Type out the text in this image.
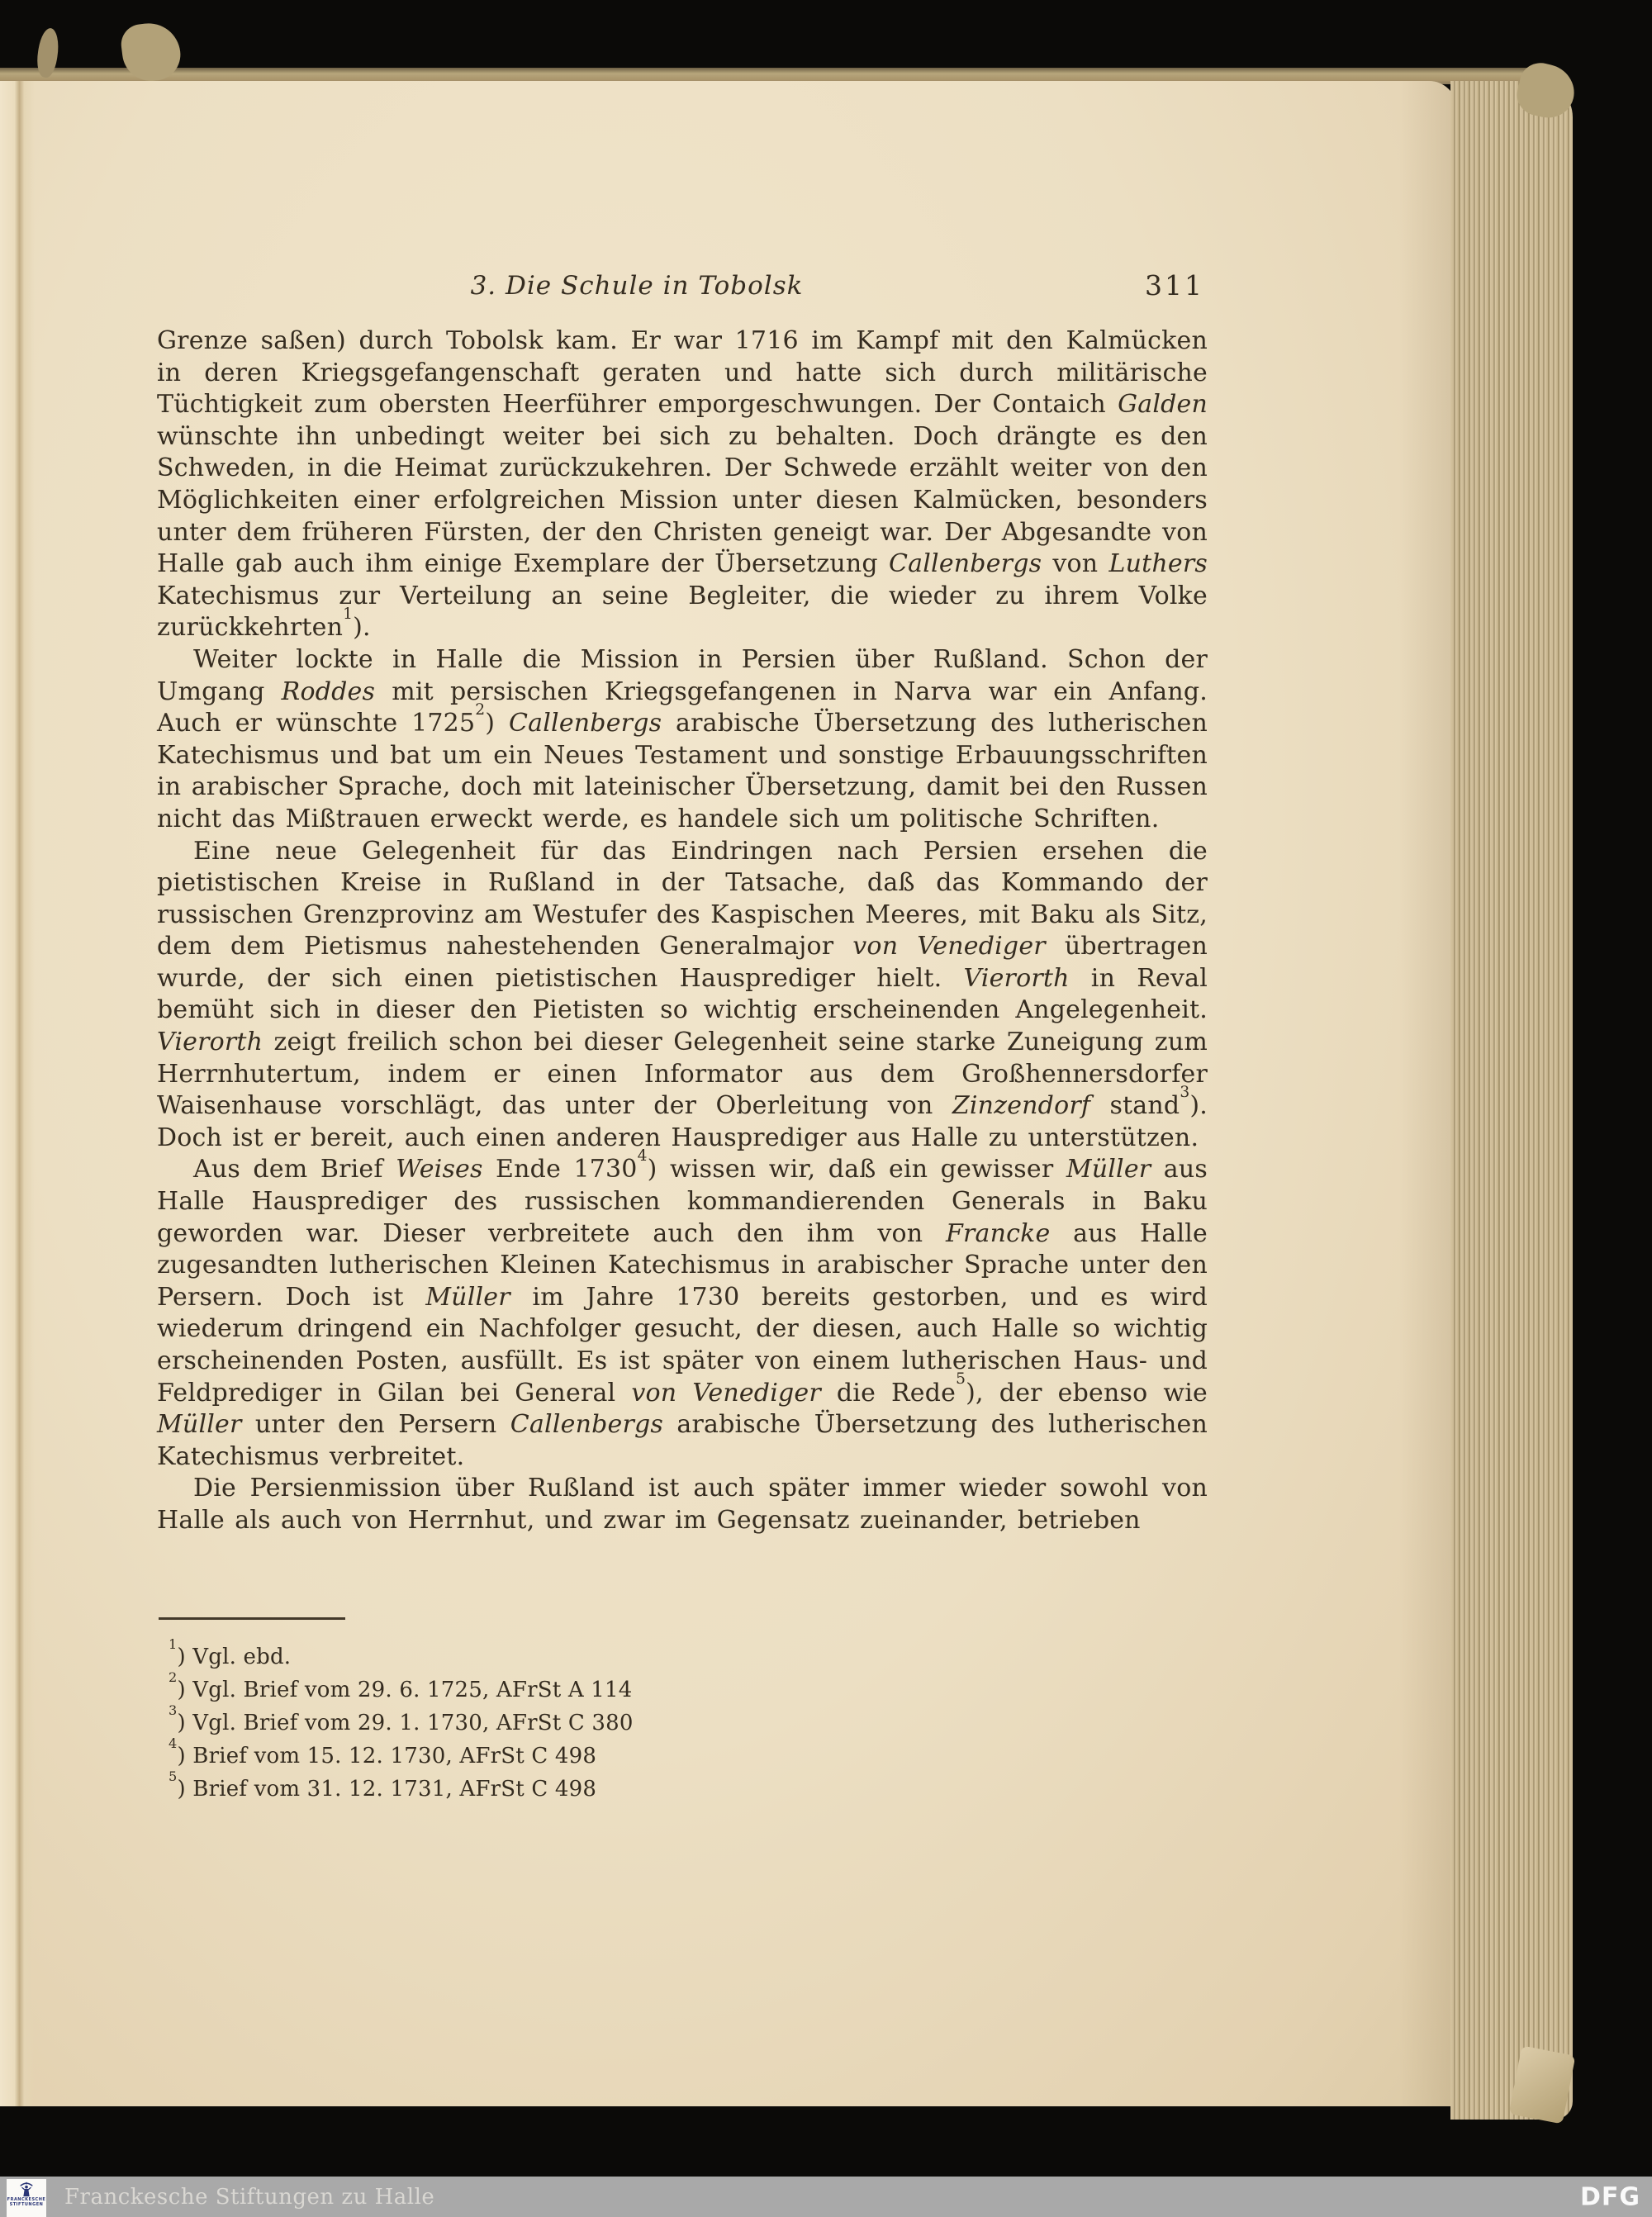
3. Die Schule in Tobolsk	311

Grenze saßen) durch Tobolsk kam. Er war 1716 im Kampf mit den Kalmücken in deren Kriegsgefangenschaft geraten und hatte sich durch militärische Tüchtigkeit zum obersten Heerführer emporgeschwungen. Der Contaich Galden wünschte ihn unbedingt weiter bei sich zu behalten. Doch drängte es den Schweden, in die Heimat zurückzukehren. Der Schwede erzählt weiter von den Möglichkeiten einer erfolgreichen Mission unter diesen Kalmücken, besonders unter dem früheren Fürsten, der den Christen geneigt war. Der Abgesandte von Halle gab auch ihm einige Exemplare der Übersetzung Callenbergs von Luthers Katechismus zur Verteilung an seine Begleiter, die wieder zu ihrem Volke zurückkehrten$^1$).

Weiter lockte in Halle die Mission in Persien über Rußland. Schon der Umgang Roddes mit persischen Kriegsgefangenen in Narva war ein Anfang. Auch er wünschte 1725$^2$) Callenbergs arabische Übersetzung des lutherischen Katechismus und bat um ein Neues Testament und sonstige Erbauungsschriften in arabischer Sprache, doch mit lateinischer Übersetzung, damit bei den Russen nicht das Mißtrauen erweckt werde, es handele sich um politische Schriften.

Eine neue Gelegenheit für das Eindringen nach Persien ersehen die pietistischen Kreise in Rußland in der Tatsache, daß das Kommando der russischen Grenzprovinz am Westufer des Kaspischen Meeres, mit Baku als Sitz, dem dem Pietismus nahestehenden Generalmajor von Venediger übertragen wurde, der sich einen pietistischen Hausprediger hielt. Vierorth in Reval bemüht sich in dieser den Pietisten so wichtig erscheinenden Angelegenheit. Vierorth zeigt freilich schon bei dieser Gelegenheit seine starke Zuneigung zum Herrnhutertum, indem er einen Informator aus dem Großhennersdorfer Waisenhause vorschlägt, das unter der Oberleitung von Zinzendorf stand$^3$). Doch ist er bereit, auch einen anderen Hausprediger aus Halle zu unterstützen.

Aus dem Brief Weises Ende 1730$^4$) wissen wir, daß ein gewisser Müller aus Halle Hausprediger des russischen kommandierenden Generals in Baku geworden war. Dieser verbreitete auch den ihm von Francke aus Halle zugesandten lutherischen Kleinen Katechismus in arabischer Sprache unter den Persern. Doch ist Müller im Jahre 1730 bereits gestorben, und es wird wiederum dringend ein Nachfolger gesucht, der diesen, auch Halle so wichtig erscheinenden Posten, ausfüllt. Es ist später von einem lutherischen Haus- und Feldprediger in Gilan bei General von Venediger die Rede$^5$), der ebenso wie Müller unter den Persern Callenbergs arabische Übersetzung des lutherischen Katechismus verbreitet.

Die Persienmission über Rußland ist auch später immer wieder sowohl von Halle als auch von Herrnhut, und zwar im Gegensatz zueinander, betrieben

$^1$) Vgl. ebd.
$^2$) Vgl. Brief vom 29. 6. 1725, AFrSt A 114
$^3$) Vgl. Brief vom 29. 1. 1730, AFrSt C 380
$^4$) Brief vom 15. 12. 1730, AFrSt C 498
$^5$) Brief vom 31. 12. 1731, AFrSt C 498
FRANCKESCHE
STIFTUNGEN Franckesche Stiftungen zu Halle	DFG
